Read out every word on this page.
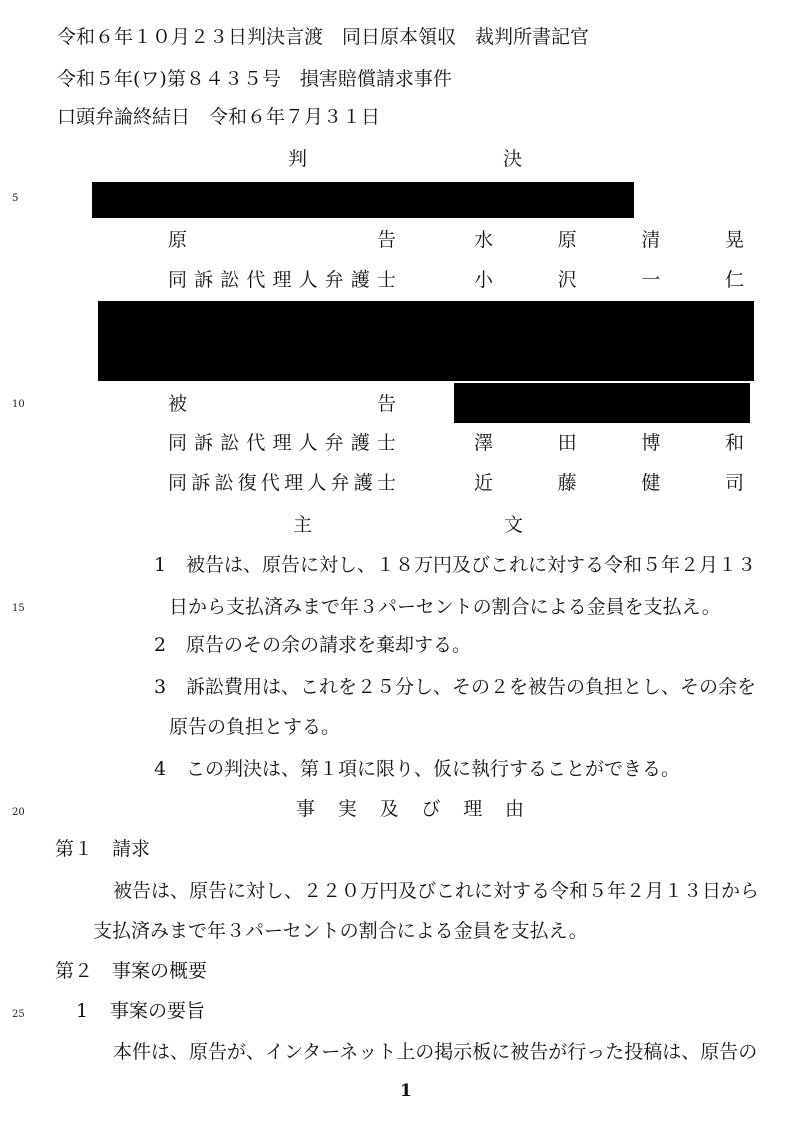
令和６年１０月２３日判決言渡　同日原本領収　裁判所書記官
令和５年(ワ)第８４３５号　損害賠償請求事件
口頭弁論終結日　令和６年７月３１日
判	決
5
10
15
20
25
原	告	水	原	清	晃
同 訴 訟 代 理 人 弁 護 士	小	沢	一	仁
被	告
同 訴 訟 代 理 人 弁 護 士	澤	田	博	和
同 訴 訟 復 代 理 人 弁 護 士	近	藤	健	司
主	文
1 被告は、原告に対し、１８万円及びこれに対する令和５年２月１３
日から支払済みまで年３パーセントの割合による金員を支払え。
2 原告のその余の請求を棄却する。
3 訴訟費用は、これを２５分し、その２を被告の負担とし、その余を
原告の負担とする。
4 この判決は、第１項に限り、仮に執行することができる。
事 実 及 び 理 由
第１　請求
被告は、原告に対し、２２０万円及びこれに対する令和５年２月１３日から
支払済みまで年３パーセントの割合による金員を支払え。
第２　事案の概要
1 事案の要旨
本件は、原告が、インターネット上の掲示板に被告が行った投稿は、原告の
1
